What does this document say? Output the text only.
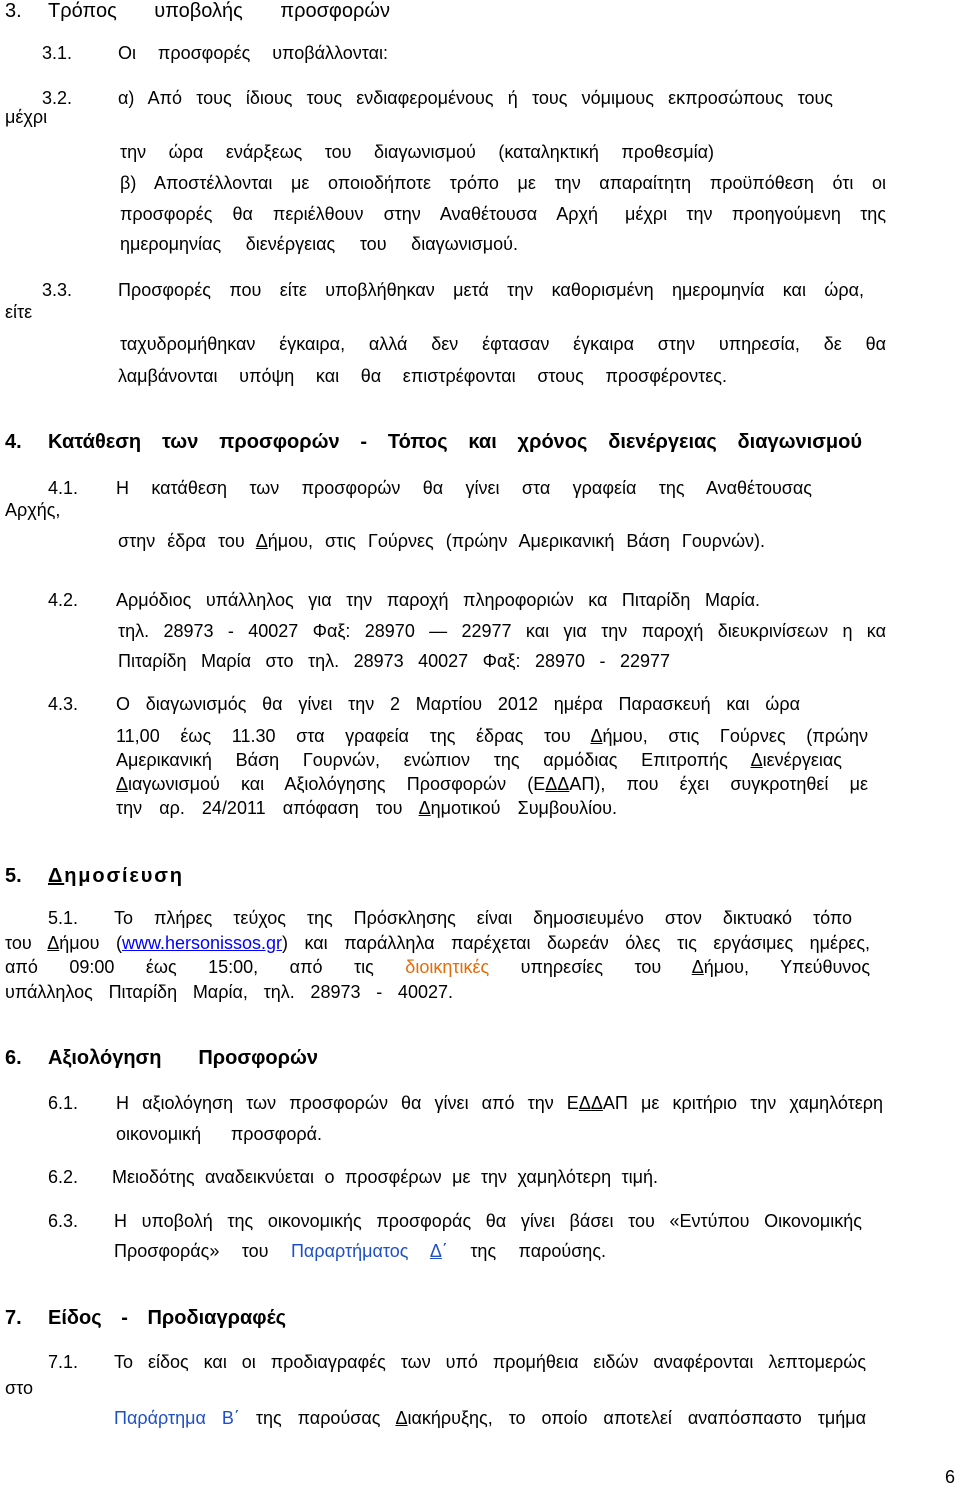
3. Τρόπος υποβολής προσφορών
3.1.	Οι προσφορές υποβάλλονται:
3.2.	α) Από τους ίδιους τους ενδιαφερομένους ή τους νόμιμους εκπροσώπους τους
μέχρι
την ώρα ενάρξεως του διαγωνισμού (καταληκτική προθεσμία)
β) Αποστέλλονται με οποιοδήποτε τρόπο με την απαραίτητη προϋπόθεση ότι οι
προσφορές θα περιέλθουν στην Αναθέτουσα Αρχή μέχρι την προηγούμενη της
ημερομηνίας διενέργειας του διαγωνισμού.
3.3.	Προσφορές που είτε υποβλήθηκαν μετά την καθορισμένη ημερομηνία και ώρα,
είτε
ταχυδρομήθηκαν έγκαιρα, αλλά δεν έφτασαν έγκαιρα στην υπηρεσία, δε θα
λαμβάνονται υπόψη και θα επιστρέφονται στους προσφέροντες.
4. Κατάθεση των προσφορών - Τόπος και χρόνος διενέργειας διαγωνισμού
4.1. Η κατάθεση των προσφορών θα γίνει στα γραφεία της Αναθέτουσας
Αρχής,
στην έδρα του Δήμου, στις Γούρνες (πρώην Αμερικανική Βάση Γουρνών).
4.2. Αρμόδιος υπάλληλος για την παροχή πληροφοριών κα Πιταρίδη Μαρία.
τηλ. 28973 - 40027 Φαξ: 28970 — 22977 και για την παροχή διευκρινίσεων η κα
Πιταρίδη Μαρία στο τηλ. 28973 40027 Φαξ: 28970 - 22977
4.3. Ο διαγωνισμός θα γίνει την 2 Μαρτίου 2012 ημέρα Παρασκευή και ώρα
11,00 έως 11.30 στα γραφεία της έδρας του Δήμου, στις Γούρνες (πρώην
Αμερικανική Βάση Γουρνών, ενώπιον της αρμόδιας Επιτροπής Διενέργειας
Διαγωνισμού και Αξιολόγησης Προσφορών (ΕΔΔΑΠ), που έχει συγκροτηθεί με
την αρ. 24/2011 απόφαση του Δημοτικού Συμβουλίου.
5. Δημοσίευση
5.1. Το πλήρες τεύχος της Πρόσκλησης είναι δημοσιευμένο στον δικτυακό τόπο
του Δήμου (www.hersonissos.gr) και παράλληλα παρέχεται δωρεάν όλες τις εργάσιμες ημέρες,
από 09:00 έως 15:00, από τις διοικητικές υπηρεσίες του Δήμου, Υπεύθυνος
υπάλληλος Πιταρίδη Μαρία, τηλ. 28973 - 40027.
6. Αξιολόγηση Προσφορών
6.1. Η αξιολόγηση των προσφορών θα γίνει από την ΕΔΔΑΠ με κριτήριο την χαμηλότερη
οικονομική προσφορά.
6.2. Μειοδότης αναδεικνύεται ο προσφέρων με την χαμηλότερη τιμή.
6.3. Η υποβολή της οικονομικής προσφοράς θα γίνει βάσει του «Εντύπου Οικονομικής
Προσφοράς» του Παραρτήματος Δ΄ της παρούσης.
7. Είδος - Προδιαγραφές
7.1. Το είδος και οι προδιαγραφές των υπό προμήθεια ειδών αναφέρονται λεπτομερώς
στο
Παράρτημα Β΄ της παρούσας Διακήρυξης, το οποίο αποτελεί αναπόσπαστο τμήμα
6
